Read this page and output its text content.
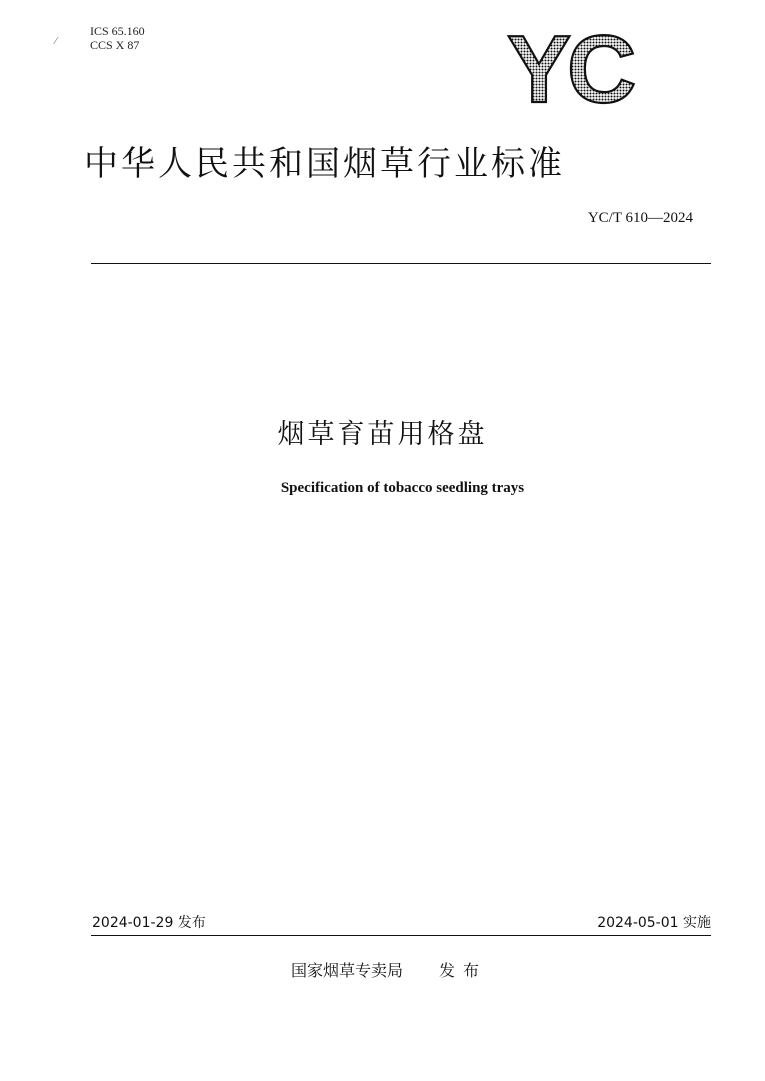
⁄
ICS 65.160
CCS X 87	YC
中华人民共和国烟草行业标准
YC/T 610—2024
烟草育苗用格盘
Specification of tobacco seedling trays
2024-01-29 发布	2024-05-01 实施
国家烟草专卖局 发布
